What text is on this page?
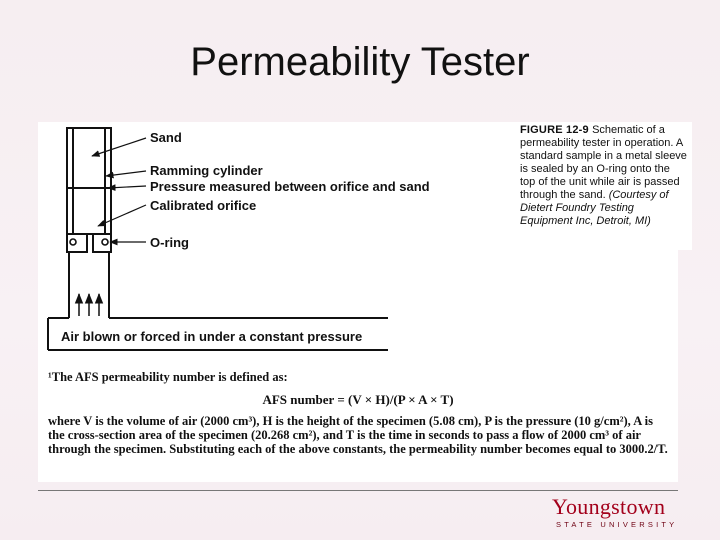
Permeability Tester
Sand
Ramming cylinder
Pressure measured between orifice and sand
Calibrated orifice
O-ring
Air blown or forced in under a constant pressure
FIGURE 12-9 Schematic of a permeability tester in operation. A standard sample in a metal sleeve is sealed by an O-ring onto the top of the unit while air is passed through the sand. (Courtesy of Dietert Foundry Testing Equipment Inc, Detroit, MI)
¹The AFS permeability number is defined as:
AFS number = (V × H)/(P × A × T)
where V is the volume of air (2000 cm³), H is the height of the specimen (5.08 cm), P is the pressure (10 g/cm²), A is the cross-section area of the specimen (20.268 cm²), and T is the time in seconds to pass a flow of 2000 cm³ of air through the specimen. Substituting each of the above constants, the permeability number becomes equal to 3000.2/T.
Youngstown
STATE UNIVERSITY
